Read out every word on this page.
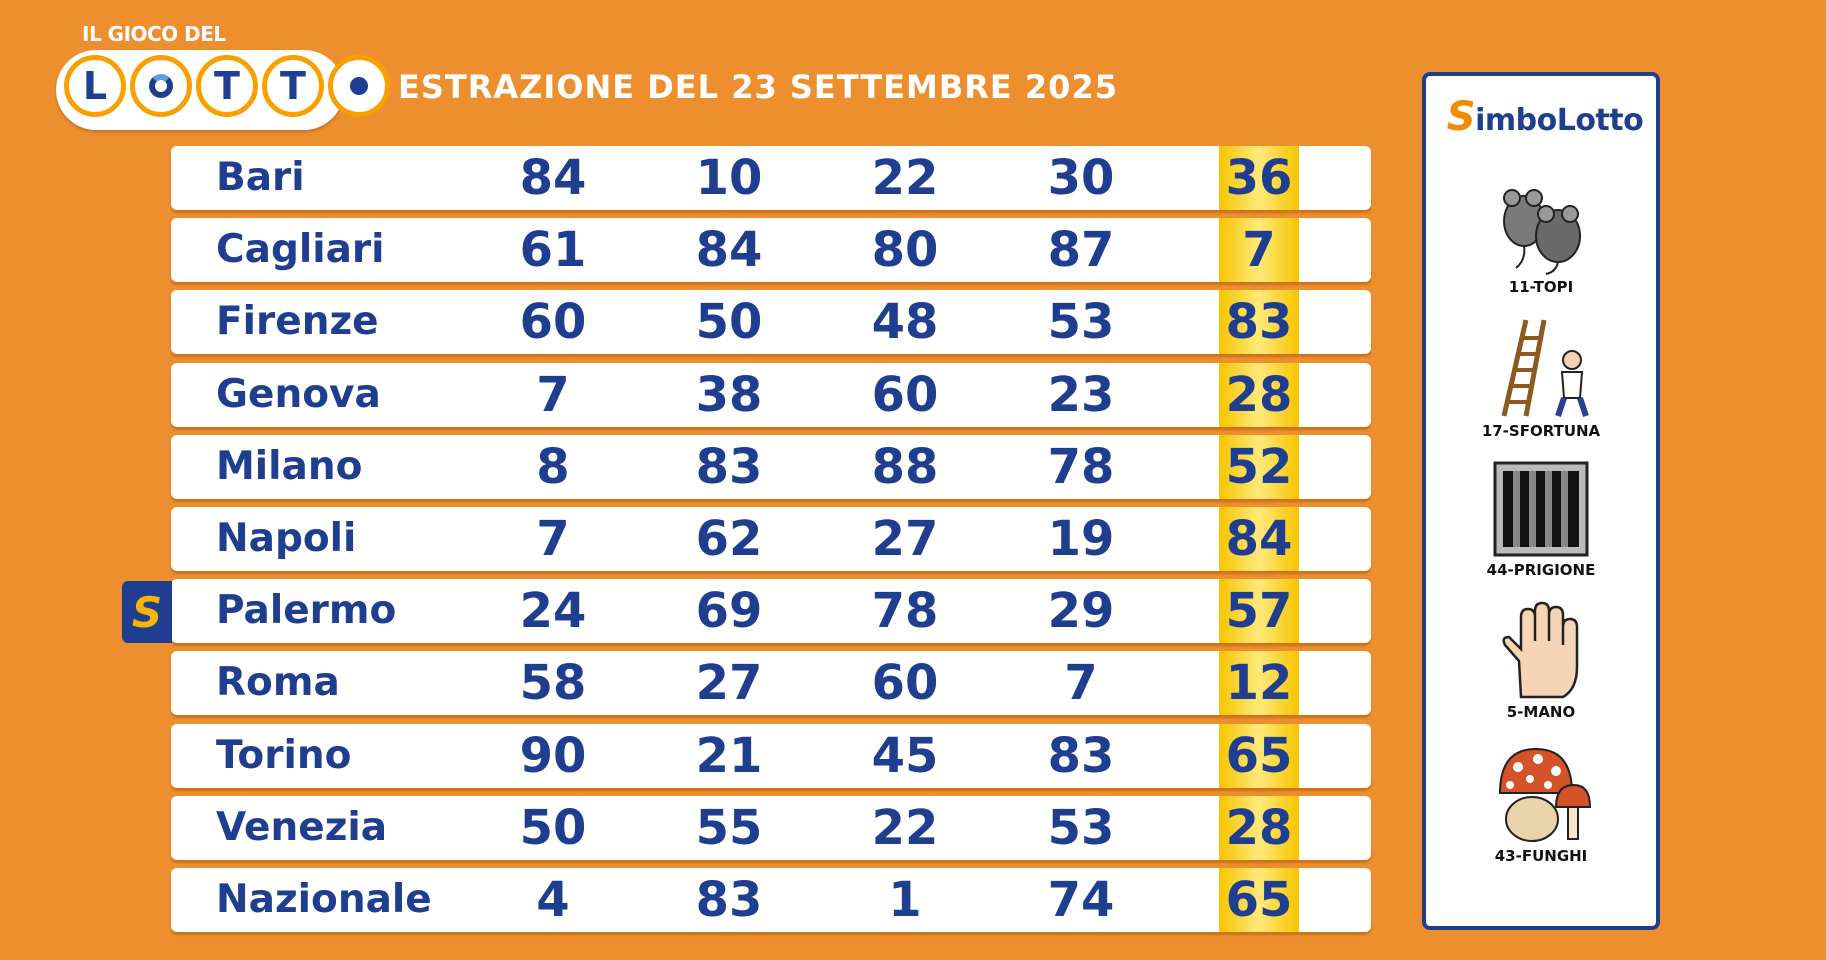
IL GIOCO DEL
L	T	T	ESTRAZIONE DEL 23 SETTEMBRE 2025
Bari	84	10	22	30	36
Cagliari	61	84	80	87	7
Firenze	60	50	48	53	83
Genova	7	38	60	23	28
Milano	8	83	88	78	52
Napoli	7	62	27	19	84
Palermo	24	69	78	29	57
Roma	58	27	60	7	12
Torino	90	21	45	83	65
Venezia	50	55	22	53	28
Nazionale	4	83	1	74	65
S
SimboLotto
11-TOPI
17-SFORTUNA
44-PRIGIONE
5-MANO
43-FUNGHI
